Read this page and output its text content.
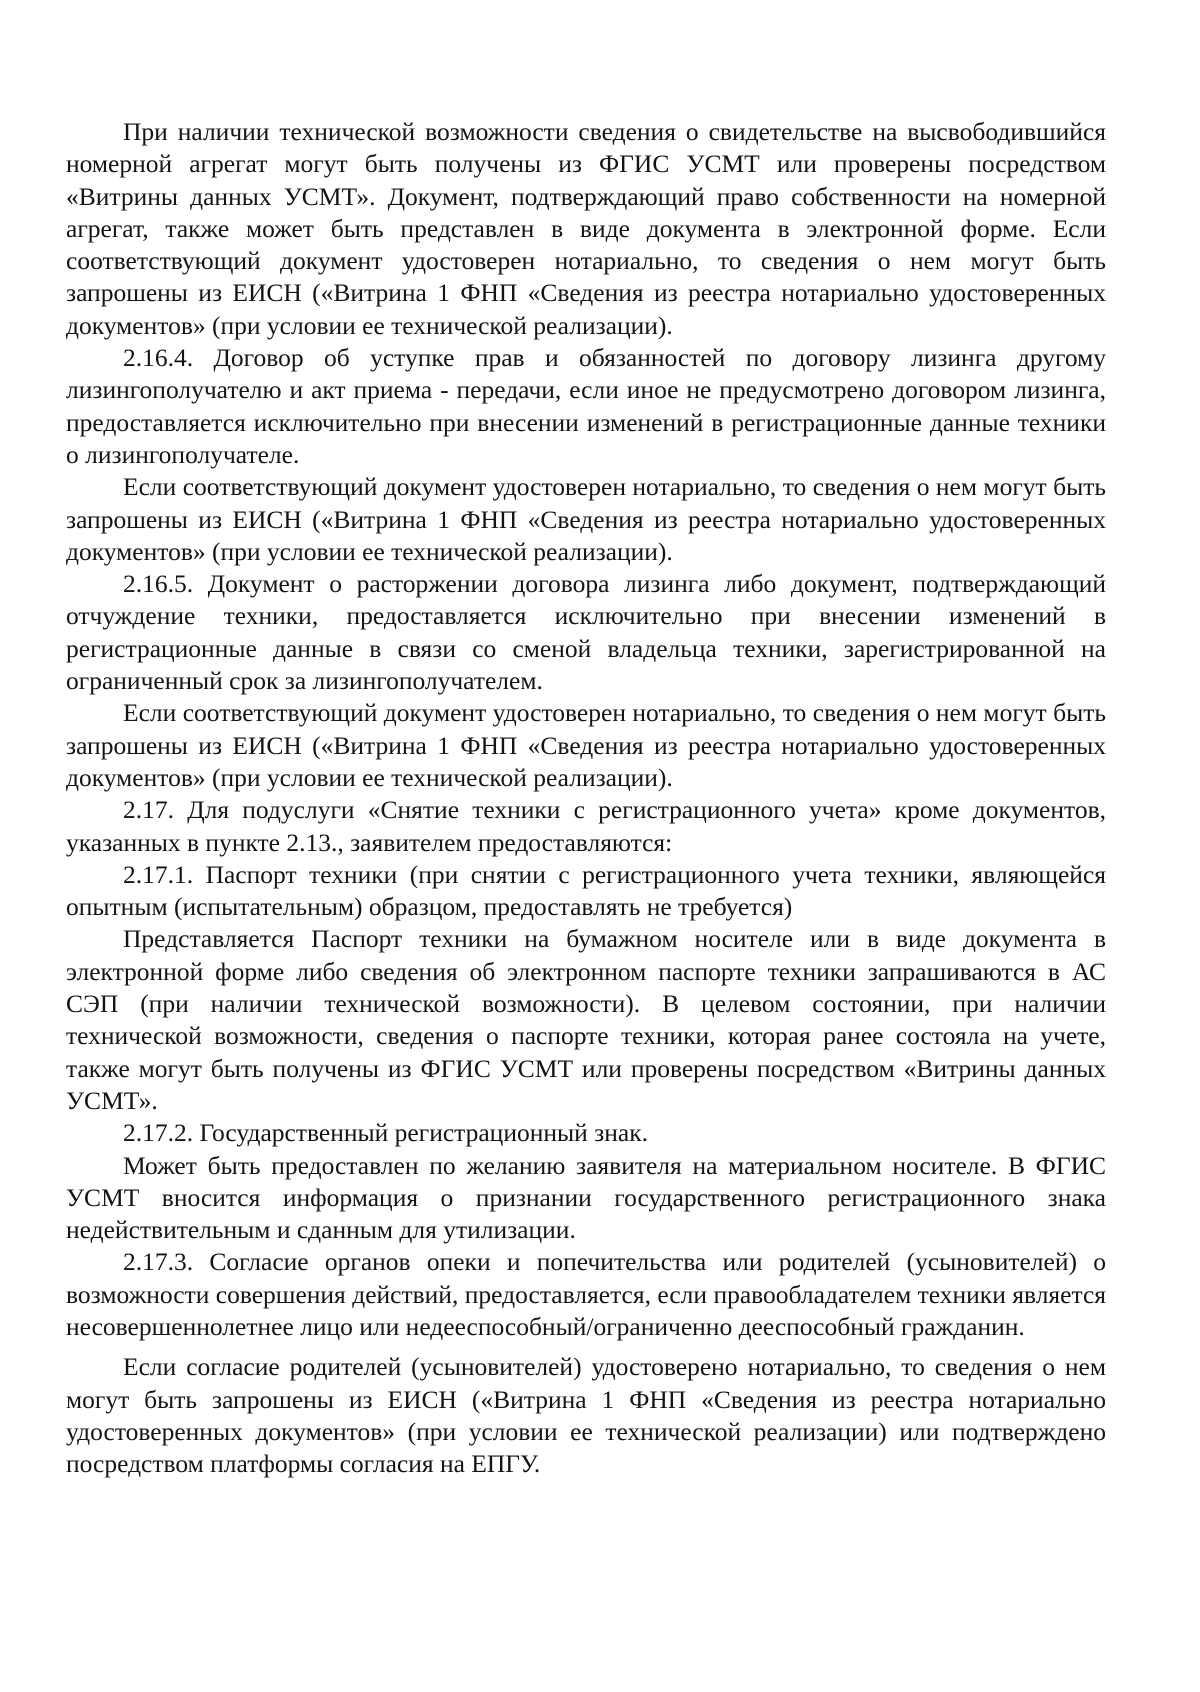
При наличии технической возможности сведения о свидетельстве на высвободившийся номерной агрегат могут быть получены из ФГИС УСМТ или проверены посредством «Витрины данных УСМТ». Документ, подтверждающий право собственности на номерной агрегат, также может быть представлен в виде документа в электронной форме. Если соответствующий документ удостоверен нотариально, то сведения о нем могут быть запрошены из ЕИСН («Витрина 1 ФНП «Сведения из реестра нотариально удостоверенных документов» (при условии ее технической реализации).

2.16.4. Договор об уступке прав и обязанностей по договору лизинга другому лизингополучателю и акт приема - передачи, если иное не предусмотрено договором лизинга, предоставляется исключительно при внесении изменений в регистрационные данные техники о лизингополучателе.

Если соответствующий документ удостоверен нотариально, то сведения о нем могут быть запрошены из ЕИСН («Витрина 1 ФНП «Сведения из реестра нотариально удостоверенных документов» (при условии ее технической реализации).

2.16.5. Документ о расторжении договора лизинга либо документ, подтверждающий отчуждение техники, предоставляется исключительно при внесении изменений в регистрационные данные в связи со сменой владельца техники, зарегистрированной на ограниченный срок за лизингополучателем.

Если соответствующий документ удостоверен нотариально, то сведения о нем могут быть запрошены из ЕИСН («Витрина 1 ФНП «Сведения из реестра нотариально удостоверенных документов» (при условии ее технической реализации).

2.17. Для подуслуги «Снятие техники с регистрационного учета» кроме документов, указанных в пункте 2.13., заявителем предоставляются:

2.17.1. Паспорт техники (при снятии с регистрационного учета техники, являющейся опытным (испытательным) образцом, предоставлять не требуется)

Представляется Паспорт техники на бумажном носителе или в виде документа в электронной форме либо сведения об электронном паспорте техники запрашиваются в АС СЭП (при наличии технической возможности). В целевом состоянии, при наличии технической возможности, сведения о паспорте техники, которая ранее состояла на учете, также могут быть получены из ФГИС УСМТ или проверены посредством «Витрины данных УСМТ».

2.17.2. Государственный регистрационный знак.

Может быть предоставлен по желанию заявителя на материальном носителе. В ФГИС УСМТ вносится информация о признании государственного регистрационного знака недействительным и сданным для утилизации.

2.17.3. Согласие органов опеки и попечительства или родителей (усыновителей) о возможности совершения действий, предоставляется, если правообладателем техники является несовершеннолетнее лицо или недееспособный/ограниченно дееспособный гражданин.

Если согласие родителей (усыновителей) удостоверено нотариально, то сведения о нем могут быть запрошены из ЕИСН («Витрина 1 ФНП «Сведения из реестра нотариально удостоверенных документов» (при условии ее технической реализации) или подтверждено посредством платформы согласия на ЕПГУ.
